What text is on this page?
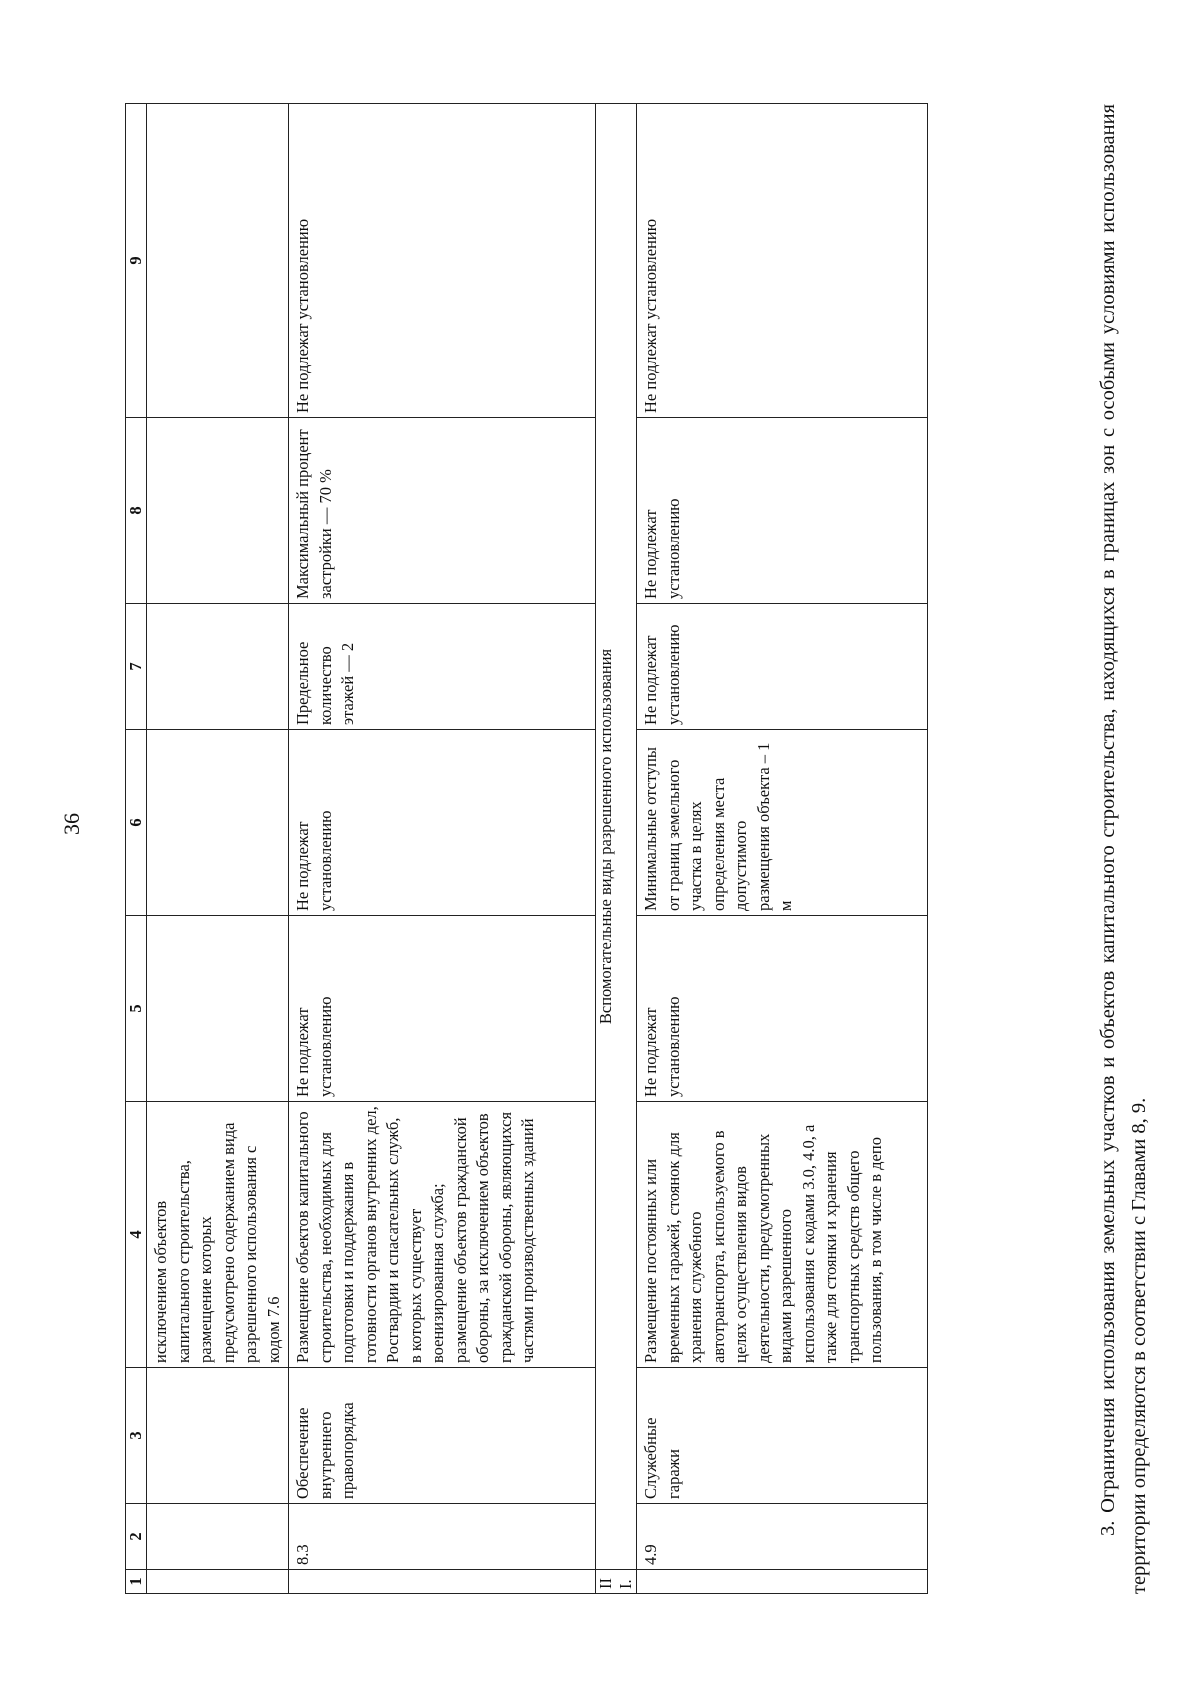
36
1	2	3	4	5	6	7	8	9
			исключением объектов капитального строительства, размещение которых предусмотрено содержанием вида разрешенного использования с кодом 7.6					
	8.3	Обеспечение внутреннего правопорядка	Размещение объектов капитального строительства, необходимых для подготовки и поддержания в готовности органов внутренних дел, Росгвардии и спасательных служб, в которых существует военизированная служба; размещение объектов гражданской обороны, за исключением объектов гражданской обороны, являющихся частями производственных зданий	Не подлежат установлению	Не подлежат установлению	Предельное количество этажей — 2	Максимальный процент застройки — 70 %	Не подлежат установлению
III.	Вспомогательные виды разрешенного использования							
	4.9	Служебные гаражи	Размещение постоянных или временных гаражей, стоянок для хранения служебного автотранспорта, используемого в целях осуществления видов деятельности, предусмотренных видами разрешенного использования с кодами 3.0, 4.0, а также для стоянки и хранения транспортных средств общего пользования, в том числе в депо	Не подлежат установлению	Минимальные отступы от границ земельного участка в целях определения места допустимого размещения объекта – 1 м	Не подлежат установлению	Не подлежат установлению	Не подлежат установлению	3. Ограничения использования земельных участков и объектов капитального строительства, находящихся в границах зон с особыми условиями использования территории определяются в соответствии с Главами 8, 9.
